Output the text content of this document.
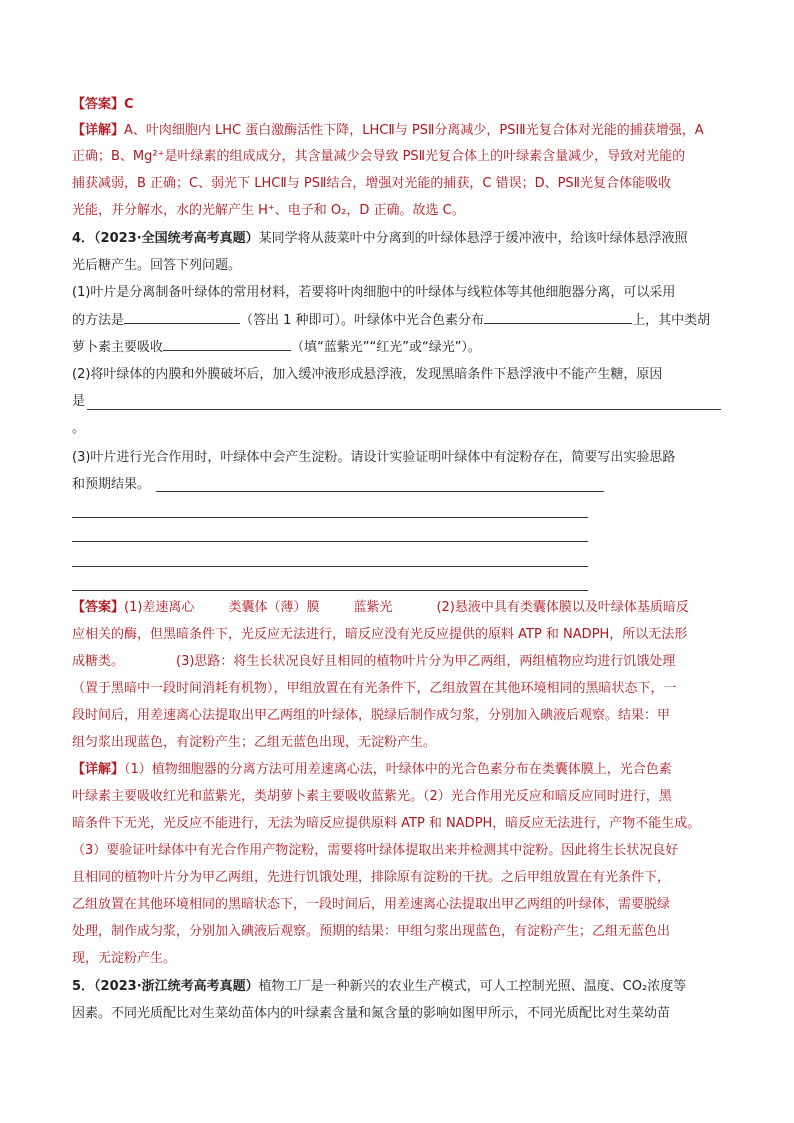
【答案】C
【详解】A、叶肉细胞内 LHC 蛋白激酶活性下降，LHCⅡ与 PSⅡ分离减少，PSIⅡ光复合体对光能的捕获增强，A
正确；B、Mg²⁺是叶绿素的组成成分，其含量减少会导致 PSⅡ光复合体上的叶绿素含量减少，导致对光能的
捕获减弱，B 正确；C、弱光下 LHCⅡ与 PSⅡ结合，增强对光能的捕获，C 错误；D、PSⅡ光复合体能吸收
光能，并分解水，水的光解产生 H⁺、电子和 O₂，D 正确。故选 C。
4．（2023·全国统考高考真题）某同学将从菠菜叶中分离到的叶绿体悬浮于缓冲液中，给该叶绿体悬浮液照
光后糖产生。回答下列问题。
(1)叶片是分离制备叶绿体的常用材料，若要将叶肉细胞中的叶绿体与线粒体等其他细胞器分离，可以采用
的方法是	（答出 1 种即可）。叶绿体中光合色素分布	上，其中类胡
萝卜素主要吸收	（填“蓝紫光”“红光”或“绿光”）。
(2)将叶绿体的内膜和外膜破坏后，加入缓冲液形成悬浮液，发现黑暗条件下悬浮液中不能产生糖，原因
是
。
(3)叶片进行光合作用时，叶绿体中会产生淀粉。请设计实验证明叶绿体中有淀粉存在，简要写出实验思路
和预期结果。
【答案】(1)差速离心	类囊体（薄）膜	蓝紫光	(2)悬液中具有类囊体膜以及叶绿体基质暗反
应相关的酶，但黑暗条件下，光反应无法进行，暗反应没有光反应提供的原料 ATP 和 NADPH，所以无法形
成糖类。	(3)思路：将生长状况良好且相同的植物叶片分为甲乙两组，两组植物应均进行饥饿处理
（置于黑暗中一段时间消耗有机物），甲组放置在有光条件下，乙组放置在其他环境相同的黑暗状态下，一
段时间后，用差速离心法提取出甲乙两组的叶绿体，脱绿后制作成匀浆，分别加入碘液后观察。结果：甲
组匀浆出现蓝色，有淀粉产生；乙组无蓝色出现，无淀粉产生。
【详解】（1）植物细胞器的分离方法可用差速离心法，叶绿体中的光合色素分布在类囊体膜上，光合色素
叶绿素主要吸收红光和蓝紫光，类胡萝卜素主要吸收蓝紫光。（2）光合作用光反应和暗反应同时进行，黑
暗条件下无光，光反应不能进行，无法为暗反应提供原料 ATP 和 NADPH，暗反应无法进行，产物不能生成。
（3）要验证叶绿体中有光合作用产物淀粉，需要将叶绿体提取出来并检测其中淀粉。因此将生长状况良好
且相同的植物叶片分为甲乙两组，先进行饥饿处理，排除原有淀粉的干扰。之后甲组放置在有光条件下，
乙组放置在其他环境相同的黑暗状态下，一段时间后，用差速离心法提取出甲乙两组的叶绿体，需要脱绿
处理，制作成匀浆，分别加入碘液后观察。预期的结果：甲组匀浆出现蓝色，有淀粉产生；乙组无蓝色出
现，无淀粉产生。
5．（2023·浙江统考高考真题）植物工厂是一种新兴的农业生产模式，可人工控制光照、温度、CO₂浓度等
因素。不同光质配比对生菜幼苗体内的叶绿素含量和氮含量的影响如图甲所示，不同光质配比对生菜幼苗
